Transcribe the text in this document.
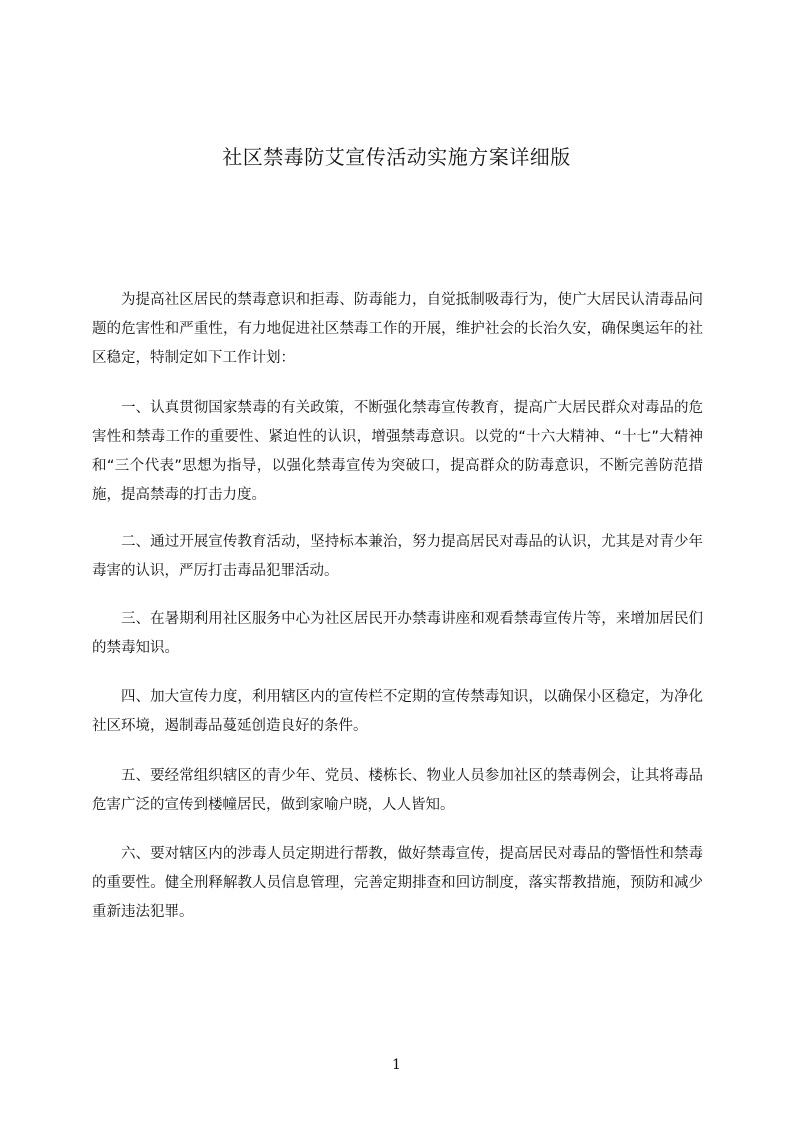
社区禁毒防艾宣传活动实施方案详细版

为提高社区居民的禁毒意识和拒毒、防毒能力，自觉抵制吸毒行为，使广大居民认清毒品问题的危害性和严重性，有力地促进社区禁毒工作的开展，维护社会的长治久安，确保奥运年的社区稳定，特制定如下工作计划：

一、认真贯彻国家禁毒的有关政策，不断强化禁毒宣传教育，提高广大居民群众对毒品的危害性和禁毒工作的重要性、紧迫性的认识，增强禁毒意识。以党的“十六大精神、“十七”大精神和“三个代表”思想为指导，以强化禁毒宣传为突破口，提高群众的防毒意识，不断完善防范措施，提高禁毒的打击力度。

二、通过开展宣传教育活动，坚持标本兼治，努力提高居民对毒品的认识，尤其是对青少年毒害的认识，严厉打击毒品犯罪活动。

三、在暑期利用社区服务中心为社区居民开办禁毒讲座和观看禁毒宣传片等，来增加居民们的禁毒知识。

四、加大宣传力度，利用辖区内的宣传栏不定期的宣传禁毒知识，以确保小区稳定，为净化社区环境，遏制毒品蔓延创造良好的条件。

五、要经常组织辖区的青少年、党员、楼栋长、物业人员参加社区的禁毒例会，让其将毒品危害广泛的宣传到楼幢居民，做到家喻户晓，人人皆知。

六、要对辖区内的涉毒人员定期进行帮教，做好禁毒宣传，提高居民对毒品的警悟性和禁毒的重要性。健全刑释解教人员信息管理，完善定期排查和回访制度，落实帮教措施，预防和减少重新违法犯罪。

1
